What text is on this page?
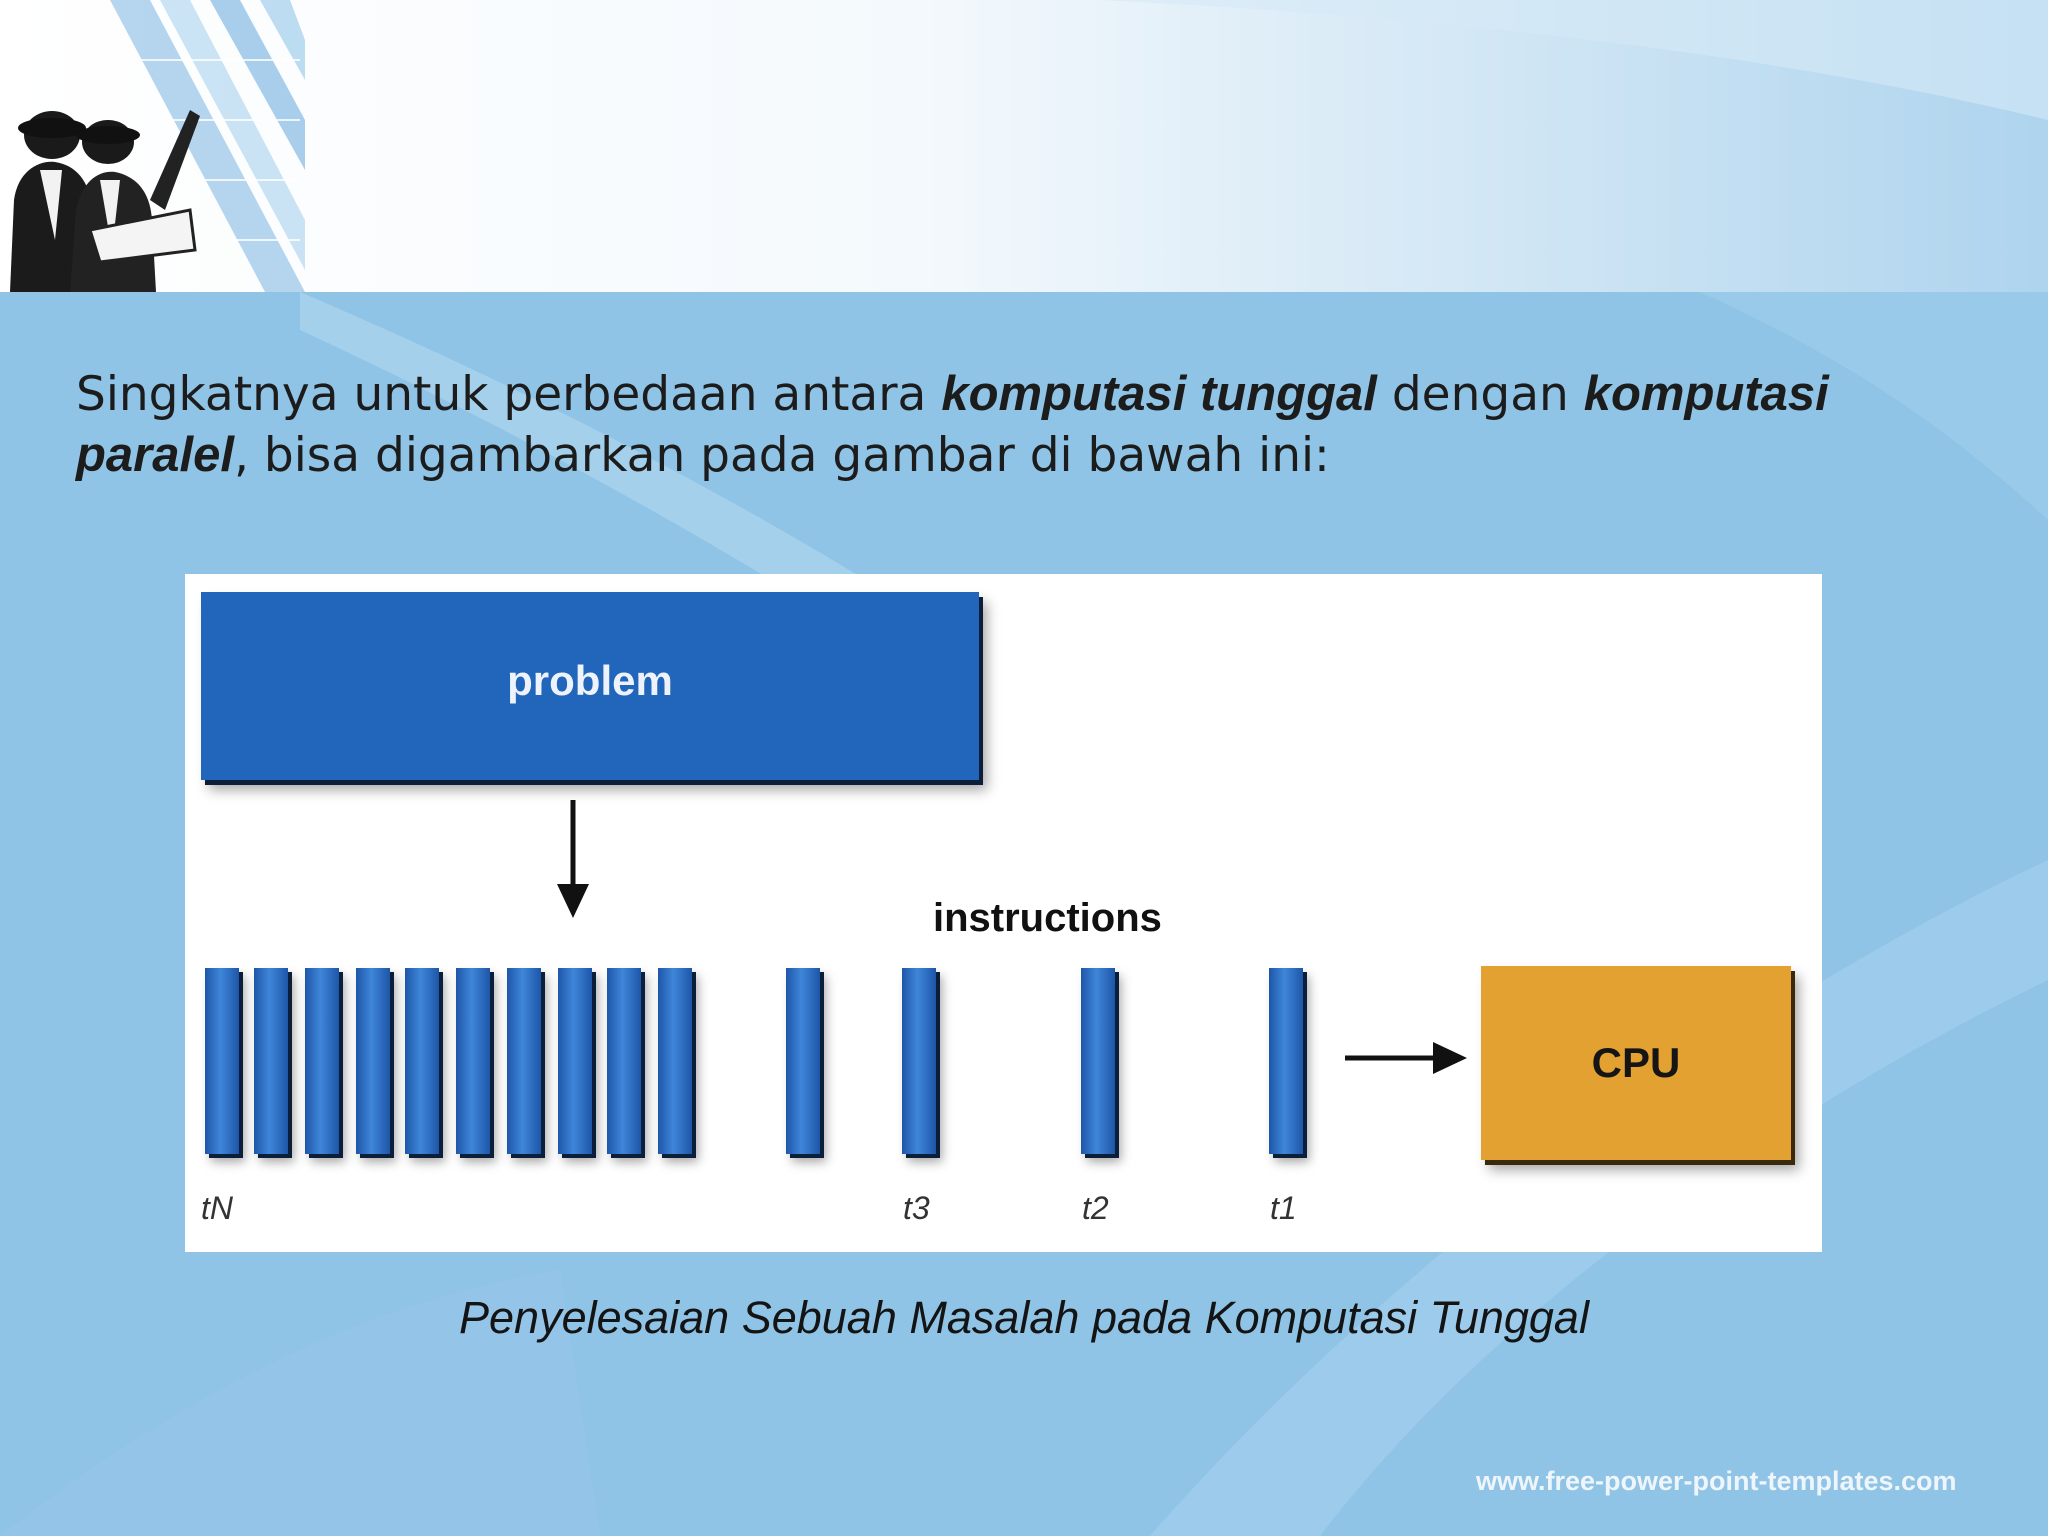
Singkatnya untuk perbedaan antara komputasi tunggal dengan komputasi paralel, bisa digambarkan pada gambar di bawah ini:
problem
instructions
CPU
tN	t3	t2	t1
Penyelesaian Sebuah Masalah pada Komputasi Tunggal
www.free-power-point-templates.com
